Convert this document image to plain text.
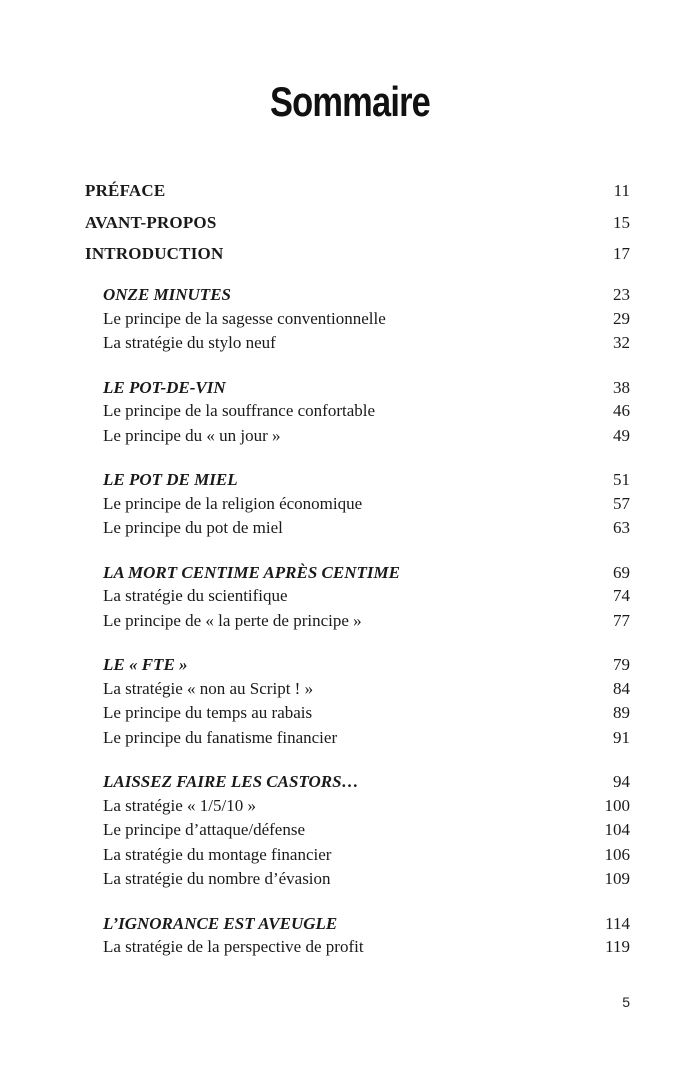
Sommaire
PRÉFACE	11
AVANT-PROPOS	15
INTRODUCTION	17
ONZE MINUTES	23
Le principe de la sagesse conventionnelle	29
La stratégie du stylo neuf	32
LE POT-DE-VIN	38
Le principe de la souffrance confortable	46
Le principe du « un jour »	49
LE POT DE MIEL	51
Le principe de la religion économique	57
Le principe du pot de miel	63
LA MORT CENTIME APRÈS CENTIME	69
La stratégie du scientifique	74
Le principe de « la perte de principe »	77
LE « FTE »	79
La stratégie « non au Script ! »	84
Le principe du temps au rabais	89
Le principe du fanatisme financier	91
LAISSEZ FAIRE LES CASTORS…	94
La stratégie « 1/5/10 »	100
Le principe d’attaque/défense	104
La stratégie du montage financier	106
La stratégie du nombre d’évasion	109
L’IGNORANCE EST AVEUGLE	114
La stratégie de la perspective de profit	119
5
